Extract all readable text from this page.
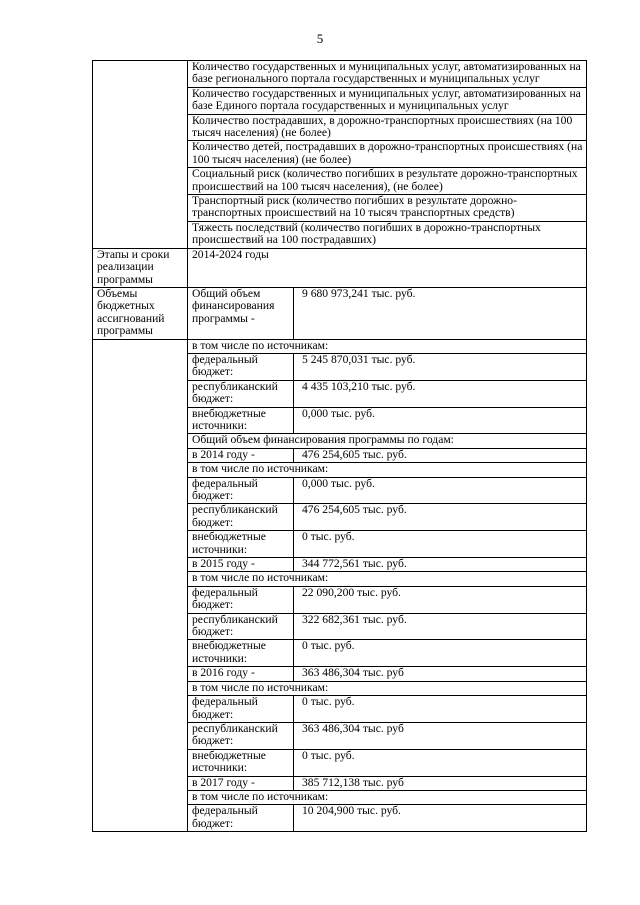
5
	Количество государственных и муниципальных услуг, автоматизированных на базе регионального портала государственных и муниципальных услуг	
	Количество государственных и муниципальных услуг, автоматизированных на базе Единого портала государственных и муниципальных услуг	
	Количество пострадавших, в дорожно-транспортных происшествиях (на 100 тысяч населения) (не более)	
	Количество детей, пострадавших в дорожно-транспортных происшествиях (на 100 тысяч населения) (не более)	
	Социальный риск (количество погибших в результате дорожно-транспортных происшествий на 100 тысяч населения), (не более)	
	Транспортный риск (количество погибших в результате дорожно-транспортных происшествий на 10 тысяч транспортных средств)	
	Тяжесть последствий (количество погибших в дорожно-транспортных происшествий на 100 пострадавших)	
Этапы и сроки реализации программы	2014-2024 годы	
Объемы бюджетных ассигнований программы	Общий объем финансирования программы -	9 680 973,241 тыс. руб.
	в том числе по источникам:	
	федеральный бюджет:	5 245 870,031 тыс. руб.
	республиканский бюджет:	4 435 103,210 тыс. руб.
	внебюджетные источники:	0,000 тыс. руб.
	Общий объем финансирования программы по годам:	
	в 2014 году -	476 254,605 тыс. руб.
	в том числе по источникам:	
	федеральный бюджет:	0,000 тыс. руб.
	республиканский бюджет:	476 254,605 тыс. руб.
	внебюджетные источники:	0 тыс. руб.
	в 2015 году -	344 772,561 тыс. руб.
	в том числе по источникам:	
	федеральный бюджет:	22 090,200 тыс. руб.
	республиканский бюджет:	322 682,361 тыс. руб.
	внебюджетные источники:	0 тыс. руб.
	в 2016 году -	363 486,304 тыс. руб
	в том числе по источникам:	
	федеральный бюджет:	0 тыс. руб.
	республиканский бюджет:	363 486,304 тыс. руб
	внебюджетные источники:	0 тыс. руб.
	в 2017 году -	385 712,138 тыс. руб
	в том числе по источникам:	
	федеральный бюджет:	10 204,900 тыс. руб.
